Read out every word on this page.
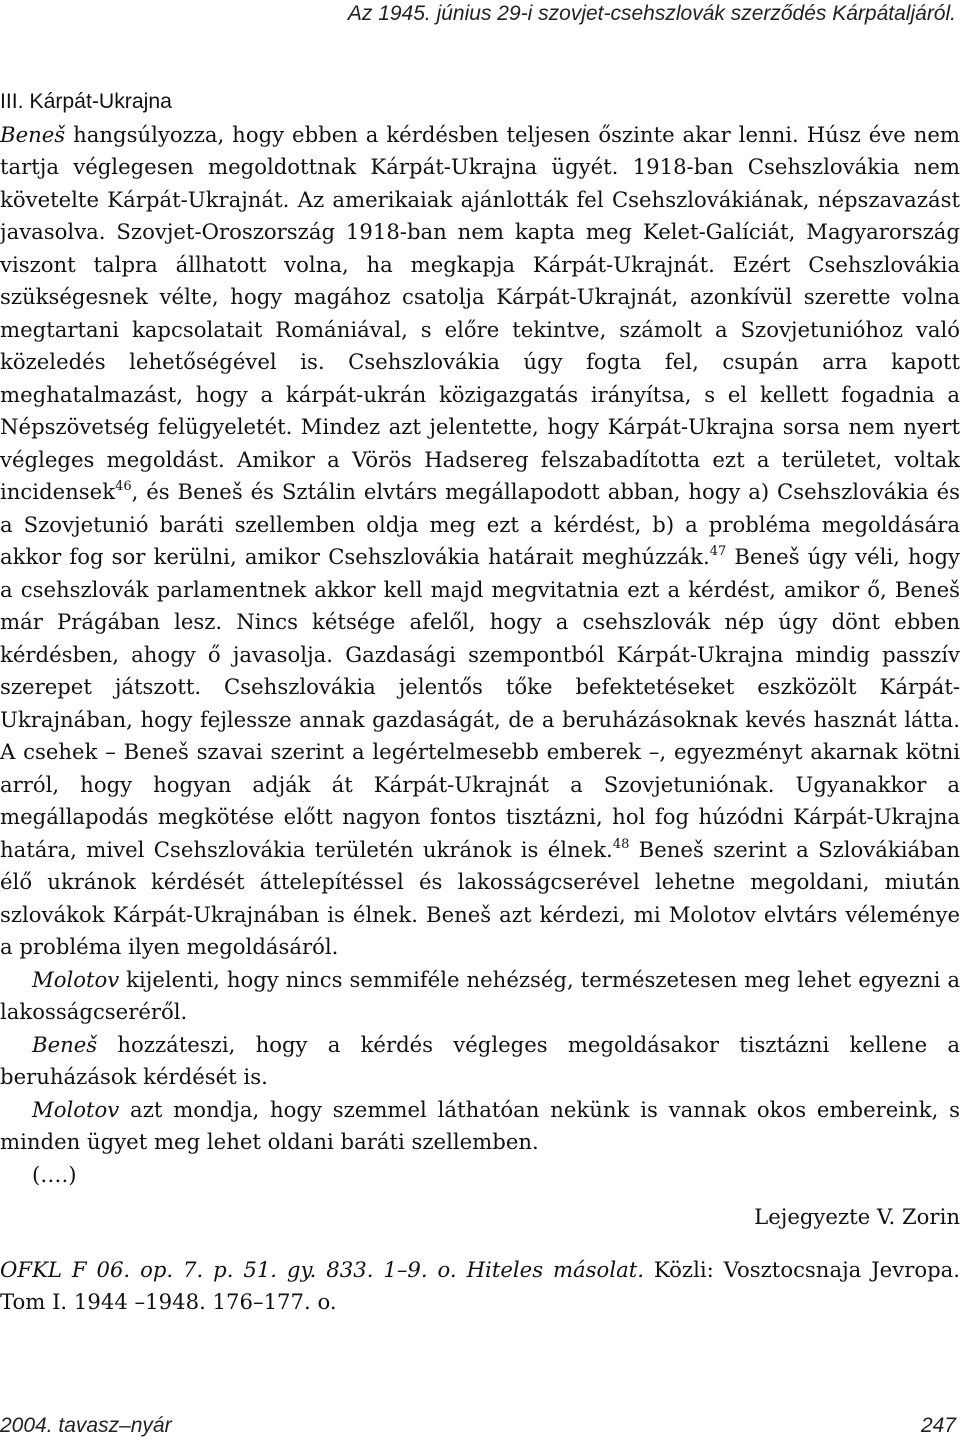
Az 1945. június 29-i szovjet-csehszlovák szerződés Kárpátaljáról.

III. Kárpát-Ukrajna

Beneš hangsúlyozza, hogy ebben a kérdésben teljesen őszinte akar lenni. Húsz éve nem tartja véglegesen megoldottnak Kárpát-Ukrajna ügyét. 1918-ban Csehszlovákia nem követelte Kárpát-Ukrajnát. Az amerikaiak ajánlották fel Csehszlovákiának, népszavazást javasolva. Szovjet-Oroszország 1918-ban nem kapta meg Kelet-Galíciát, Magyarország viszont talpra állhatott volna, ha megkapja Kárpát-Ukrajnát. Ezért Csehszlovákia szükségesnek vélte, hogy magához csatolja Kárpát-Ukrajnát, azonkívül szerette volna megtartani kapcsolatait Romániával, s előre tekintve, számolt a Szovjetunióhoz való közeledés lehetőségével is. Csehszlovákia úgy fogta fel, csupán arra kapott meghatalmazást, hogy a kárpát-ukrán közigazgatás irányítsa, s el kellett fogadnia a Népszövetség felügyeletét. Mindez azt jelentette, hogy Kárpát-Ukrajna sorsa nem nyert végleges megoldást. Amikor a Vörös Hadsereg felszabadította ezt a területet, voltak incidensek$^{46}$, és Beneš és Sztálin elvtárs megállapodott abban, hogy a) Csehszlovákia és a Szovjetunió baráti szellemben oldja meg ezt a kérdést, b) a probléma megoldására akkor fog sor kerülni, amikor Csehszlovákia határait meghúzzák.$^{47}$ Beneš úgy véli, hogy a csehszlovák parlamentnek akkor kell majd megvitatnia ezt a kérdést, amikor ő, Beneš már Prágában lesz. Nincs kétsége afelől, hogy a csehszlovák nép úgy dönt ebben kérdésben, ahogy ő javasolja. Gazdasági szempontból Kárpát-Ukrajna mindig passzív szerepet játszott. Csehszlovákia jelentős tőke befektetéseket eszközölt Kárpát-Ukrajnában, hogy fejlessze annak gazdaságát, de a beruházásoknak kevés hasznát látta. A csehek – Beneš szavai szerint a legértelmesebb emberek –, egyezményt akarnak kötni arról, hogy hogyan adják át Kárpát-Ukrajnát a Szovjetuniónak. Ugyanakkor a megállapodás megkötése előtt nagyon fontos tisztázni, hol fog húzódni Kárpát-Ukrajna határa, mivel Csehszlovákia területén ukránok is élnek.$^{48}$ Beneš szerint a Szlovákiában élő ukránok kérdését áttelepítéssel és lakosságcserével lehetne megoldani, miután szlovákok Kárpát-Ukrajnában is élnek. Beneš azt kérdezi, mi Molotov elvtárs véleménye a probléma ilyen megoldásáról.

Molotov kijelenti, hogy nincs semmiféle nehézség, természetesen meg lehet egyezni a lakosságcseréről.

Beneš hozzáteszi, hogy a kérdés végleges megoldásakor tisztázni kellene a beruházások kérdését is.

Molotov azt mondja, hogy szemmel láthatóan nekünk is vannak okos embereink, s minden ügyet meg lehet oldani baráti szellemben.

(….)

Lejegyezte V. Zorin

OFKL F 06. op. 7. p. 51. gy. 833. 1–9. o. Hiteles másolat. Közli: Vosztocsnaja Jevropa. Tom I. 1944 –1948. 176–177. o.

2004. tavasz–nyár	247
